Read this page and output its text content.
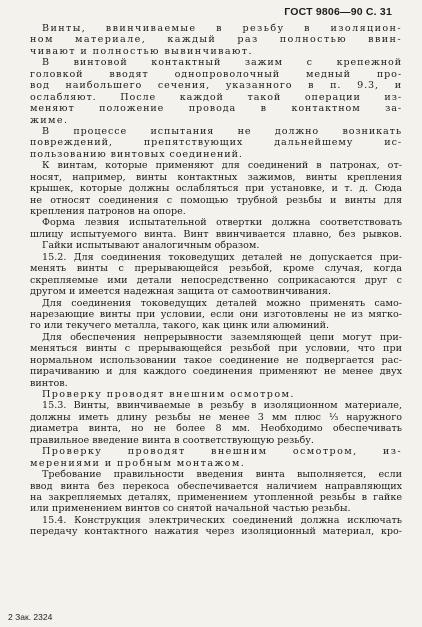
ГОСТ 9806—90 С. 31
Винты, ввинчиваемые в резьбу в изоляцион-
ном материале, каждый раз полностью ввин-
чивают и полностью вывинчивают.
В винтовой контактный зажим с крепежной
головкой вводят однопроволочный медный про-
вод наибольшего сечения, указанного в п. 9.3, и
ослабляют. После каждой такой операции из-
меняют положение провода в контактном за-
жиме.
В процессе испытания не должно возникать
повреждений, препятствующих дальнейшему ис-
пользованию винтовых соединений.
К винтам, которые применяют для соединений в патронах, от-
носят, например, винты контактных зажимов, винты крепления
крышек, которые должны ослабляться при установке, и т. д. Сюда
не относят соединения с помощью трубной резьбы и винты для
крепления патронов на опоре.
Форма лезвия испытательной отвертки должна соответствовать
шлицу испытуемого винта. Винт ввинчивается плавно, без рывков.
Гайки испытывают аналогичным образом.
15.2. Для соединения токоведущих деталей не допускается при-
менять винты с прерывающейся резьбой, кроме случая, когда
скрепляемые ими детали непосредственно соприкасаются друг с
другом и имеется надежная защита от самоотвинчивания.
Для соединения токоведущих деталей можно применять само-
нарезающие винты при условии, если они изготовлены не из мягко-
го или текучего металла, такого, как цинк или алюминий.
Для обеспечения непрерывности заземляющей цепи могут при-
меняться винты с прерывающейся резьбой при условии, что при
нормальном использовании такое соединение не подвергается рас-
пирачиванию и для каждого соединения применяют не менее двух
винтов.
Проверку проводят внешним осмотром.
15.3. Винты, ввинчиваемые в резьбу в изоляционном материале,
должны иметь длину резьбы не менее 3 мм плюс ⅓ наружного
диаметра винта, но не более 8 мм. Необходимо обеспечивать
правильное введение винта в соответствующую резьбу.
Проверку проводят внешним осмотром, из-
мерениями и пробным монтажом.
Требование правильности введения винта выполняется, если
ввод винта без перекоса обеспечивается наличием направляющих
на закрепляемых деталях, применением утопленной резьбы в гайке
или применением винтов со снятой начальной частью резьбы.
15.4. Конструкция электрических соединений должна исключать
передачу контактного нажатия через изоляционный материал, кро-
2 Зак. 2324
